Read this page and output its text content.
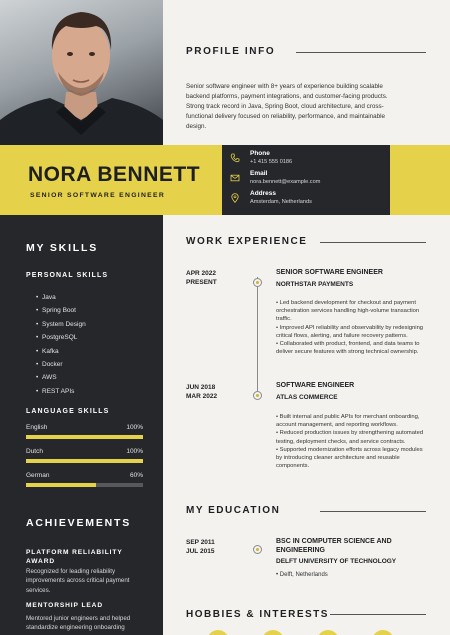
PROFILE INFO
Senior software engineer with 8+ years of experience building scalable backend platforms, payment integrations, and customer-facing products. Strong track record in Java, Spring Boot, cloud architecture, and cross-functional delivery focused on reliability, performance, and maintainable design.
NORA BENNETT
SENIOR SOFTWARE ENGINEER
Phone
+1 415 555 0186
Email
nora.bennett@example.com
Address
Amsterdam, Netherlands
MY SKILLS
PERSONAL SKILLS
• Java
• Spring Boot
• System Design
• PostgreSQL
• Kafka
• Docker
• AWS
• REST APIs
LANGUAGE SKILLS
English	100%
Dutch	100%
German	60%
ACHIEVEMENTS
PLATFORM RELIABILITY AWARD
Recognized for leading reliability improvements across critical payment services.
MENTORSHIP LEAD
Mentored junior engineers and helped standardize engineering onboarding
WORK EXPERIENCE
APR 2022
PRESENT
SENIOR SOFTWARE ENGINEER
NORTHSTAR PAYMENTS
• Led backend development for checkout and payment orchestration services handling high-volume transaction traffic.
• Improved API reliability and observability by redesigning critical flows, alerting, and failure recovery patterns.
• Collaborated with product, frontend, and data teams to deliver secure features with strong technical ownership.
JUN 2018
MAR 2022
SOFTWARE ENGINEER
ATLAS COMMERCE
• Built internal and public APIs for merchant onboarding, account management, and reporting workflows.
• Reduced production issues by strengthening automated testing, deployment checks, and service contracts.
• Supported modernization efforts across legacy modules by introducing cleaner architecture and reusable components.
MY EDUCATION
SEP 2011
JUL 2015
BSC IN COMPUTER SCIENCE AND ENGINEERING
DELFT UNIVERSITY OF TECHNOLOGY
• Delft, Netherlands
HOBBIES & INTERESTS
